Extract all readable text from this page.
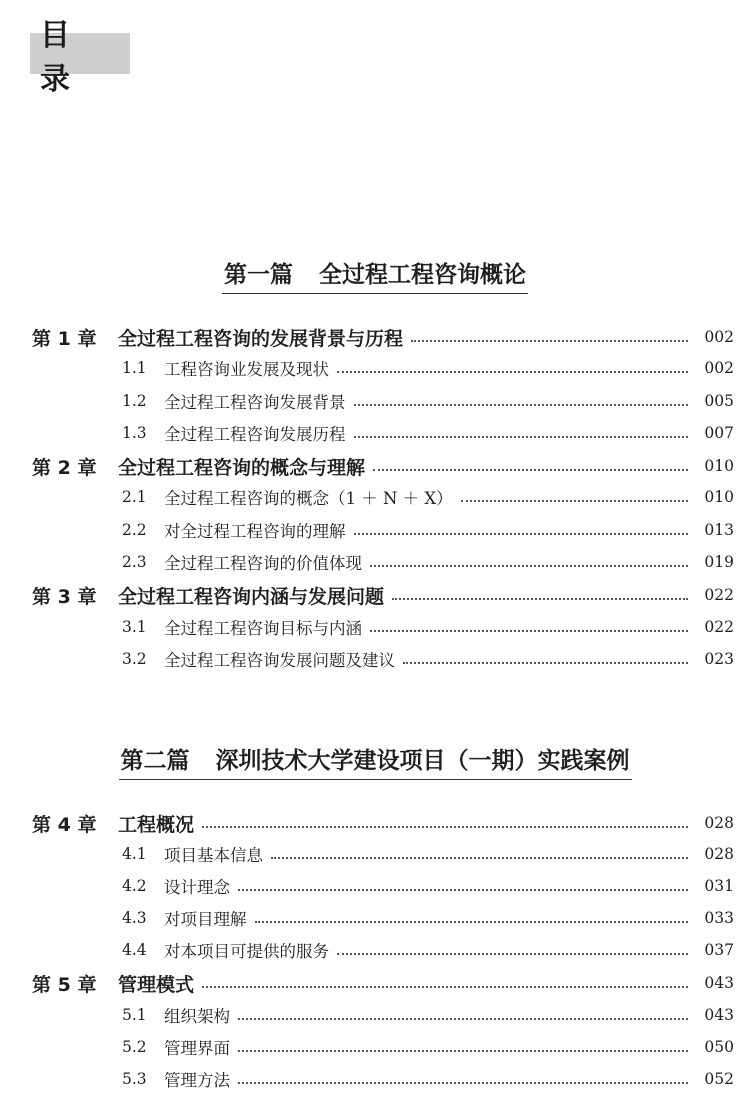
目 录
第一篇 全过程工程咨询概论
第 1 章	全过程工程咨询的发展背景与历程	002
1.1 工程咨询业发展及现状	002
1.2 全过程工程咨询发展背景	005
1.3 全过程工程咨询发展历程	007
第 2 章	全过程工程咨询的概念与理解	010
2.1 全过程工程咨询的概念（1 ＋ N ＋ X）	010
2.2 对全过程工程咨询的理解	013
2.3 全过程工程咨询的价值体现	019
第 3 章	全过程工程咨询内涵与发展问题	022
3.1 全过程工程咨询目标与内涵	022
3.2 全过程工程咨询发展问题及建议	023
第二篇 深圳技术大学建设项目（一期）实践案例
第 4 章	工程概况	028
4.1 项目基本信息	028
4.2 设计理念	031
4.3 对项目理解	033
4.4 对本项目可提供的服务	037
第 5 章	管理模式	043
5.1 组织架构	043
5.2 管理界面	050
5.3 管理方法	052
